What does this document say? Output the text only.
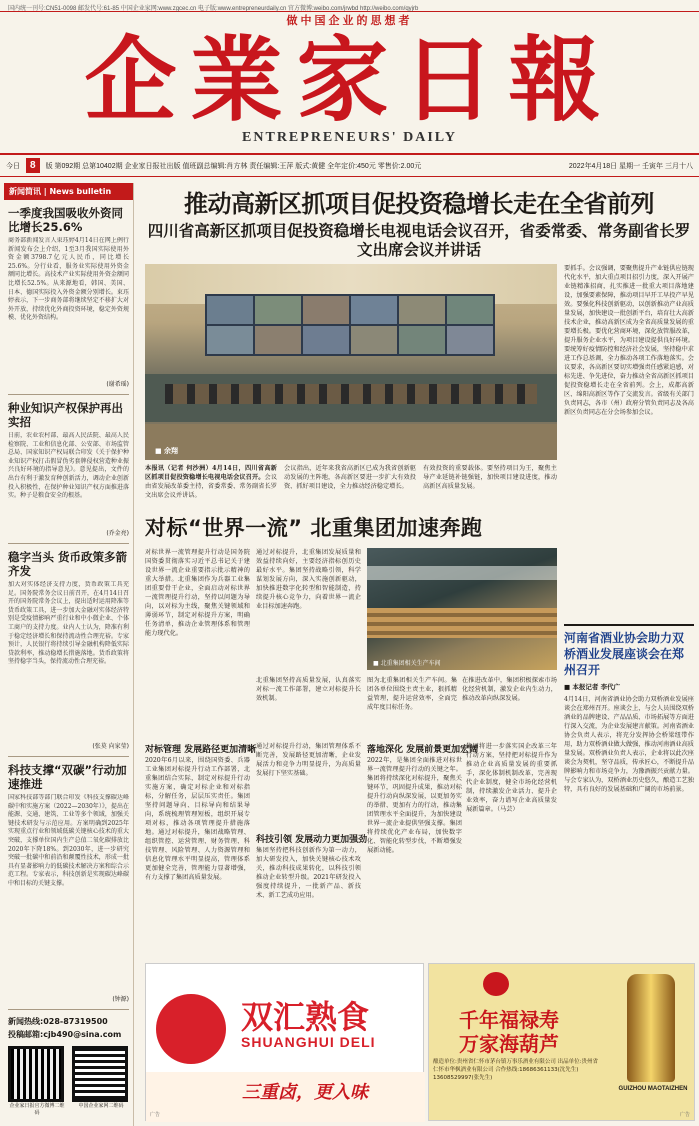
国内统一刊号:CN51-0098 邮发代号:61-85 中国企业家网:www.zgcec.cn 电子版:www.entrepreneurdaily.cn 官方微博:weibo.com/jrwbd http://weibo.com/qyjrb
做中国企业的思想者
企業家日報
ENTREPRENEURS' DAILY
今日	8	版 第092期 总第10402期 企业家日报社出版 值班副总编辑:肖方林 责任编辑:王萍 版式:黄健 全年定价:450元 零售价:2.00元	2022年4月18日 星期一 壬寅年 三月十八
新闻简讯 | News bulletin
一季度我国吸收外资同比增长25.6%
商务部新闻发言人束珏婷4月14日在网上例行新闻发布会上介绍，1至3月我国实际使用外资金额3798.7亿元人民币，同比增长25.6%。分行业看，服务业实际使用外资金额同比增长。高技术产业实际使用外资金额同比增长52.5%。从来源地看，韩国、美国、日本、德国实际投入外资金额分别增长。束珏婷表示，下一步商务部将继续坚定不移扩大对外开放，持续优化外商投资环境，稳定外资规模、优化外资结构。
(谢希瑶)
种业知识产权保护再出实招
日前，农业农村部、最高人民法院、最高人民检察院、工业和信息化部、公安部、市场监管总局、国家知识产权局联合印发《关于保护种业知识产权打击假冒伪劣套牌侵权营造种业振兴良好环境的指导意见》。意见提出，文件的出台有利于激发育种创新活力，调动企业创新投入积极性，在保护种业知识产权方面推进落实。种子是粮食安全的根基。
(乔金亮)
稳字当头 货币政策多箭齐发
加大对实体经济支持力度，货币政策工具充足。国务院常务会议日前召开，在4月14日召开的国务院常务会议上，提出适时运用降准等货币政策工具，进一步加大金融对实体经济特别是受疫情影响严重行业和中小微企业、个体工商户的支持力度。业内人士认为，降准有利于稳定经济增长和保持流动性合理充裕。专家预计，人民银行将持续引导金融机构降低实际贷款利率，推动稳增长措施落地。货币政策将坚持稳字当头，保持流动性合理充裕。
(张莫 向家莹)
科技支撑“双碳”行动加速推进
国家科技部等部门联合印发《科技支撑碳达峰碳中和实施方案（2022—2030年）》，提出在能源、交通、建筑、工业等多个领域，加强关键技术研发与示范应用。方案明确到2025年实现重点行业和领域低碳关键核心技术的重大突破，支撑单位国内生产总值二氧化碳排放比2020年下降18%。到2030年，进一步研究突破一批碳中和前沿和颠覆性技术，形成一批具有显著影响力的低碳技术解决方案和综合示范工程。专家表示，科技创新是实现碳达峰碳中和目标的关键支撑。
(钟源)
新闻热线:028-87319500
投稿邮箱:cjb490@sina.com
企业家日报官方微博二维码
中国企业家网二维码
推动高新区抓项目促投资稳增长走在全省前列
四川省高新区抓项目促投资稳增长电视电话会议召开，省委常委、常务副省长罗文出席会议并讲话
■ 余翔
本报讯（记者 何沙洲）4月14日，四川省高新区抓项目促投资稳增长电视电话会议召开。会议由省发展改革委主持，省委常委、常务副省长罗文出席会议并讲话。
会议指出，近年来我省高新区已成为我省创新驱动发展的主阵地，各高新区要进一步扩大有效投资、抓好项目建设，全力推动经济稳定增长。
有效投资的重要载体。要坚持项目为王，聚焦主导产业延链补链强链，加快项目建设进度，推动高新区高质量发展。
要抓手。会议强调，要聚焦提升产业链供应链现代化水平，加大重点项目招引力度，深入开展产业链精准招商，扎实推进一批重大项目落地建设，加强要素保障，推动项目早开工早投产早见效。要强化科技创新驱动，以创新推动产业高质量发展，加快建设一批创新平台，培育壮大高新技术企业，推动高新区成为全省高质量发展的重要增长极。要优化营商环境，深化放管服改革，提升服务企业水平，为项目建设提供良好环境。要统筹好疫情防控和经济社会发展，坚持稳中求进工作总基调，全力推动各项工作落地落实。会议要求，各高新区要切实增强责任感紧迫感，对标先进、争先进位，奋力推动全省高新区抓项目促投资稳增长走在全省前列。会上，成都高新区、绵阳高新区等作了交流发言。省级有关部门负责同志，各市（州）政府分管负责同志及各高新区负责同志在分会场参加会议。
对标“世界一流” 北重集团加速奔跑
对标世界一流管理提升行动是国务院国资委贯彻落实习近平总书记关于建设世界一流企业重要指示批示精神的重大举措。北重集团作为兵器工业集团重要骨干企业，全面启动对标世界一流管理提升行动，坚持以问题为导向，以对标为主线，聚焦关键领域和薄弱环节，制定对标提升方案，明确任务清单，推动企业管理体系和管理能力现代化。
通过对标提升，北重集团发展质量和效益持续向好，主要经济指标创历史最好水平。集团坚持战略引领，科学谋划发展方向，深入实施创新驱动，加快推进数字化转型和智能制造，持续提升核心竞争力，向着世界一流企业目标加速奔跑。
■ 北重集团相关生产车间
北重集团坚持高质量发展，认真落实对标一流工作部署，建立对标提升长效机制。
图为北重集团相关生产车间。集团各单位围绕主责主业，狠抓精益管理，提升运营效率，全面完成年度目标任务。
在推进改革中，集团积极探索市场化经营机制，激发企业内生动力，推动改革向纵深发展。
对标管理 发展路径更加清晰
2020年6月以来，围绕国资委、兵器工业集团对标提升行动工作部署，北重集团结合实际，制定对标提升行动实施方案，确定对标企业和对标指标，分解任务，层层压实责任。集团坚持问题导向、目标导向和结果导向，系统梳理管理短板，组织开展专项对标，推动各项管理提升措施落地。通过对标提升，集团战略管理、组织管控、运营管理、财务管理、科技管理、风险管理、人力资源管理和信息化管理水平明显提高，管理体系更加健全完善，管理能力显著增强，有力支撑了集团高质量发展。
科技引领 发展动力更加强劲
通过对标提升行动，集团管理体系不断完善，发展路径更加清晰，企业发展活力和竞争力明显提升，为高质量发展打下坚实基础。
集团坚持把科技创新作为第一动力，加大研发投入，加快关键核心技术攻关，推动科技成果转化，以科技引领推动企业转型升级。2021年研发投入强度持续提升，一批新产品、新技术、新工艺成功应用。
落地深化 发展前景更加宏阔
2022年，是集团全面推进对标世界一流管理提升行动的关键之年。集团将持续深化对标提升，聚焦关键环节，巩固提升成果，推动对标提升行动向纵深发展，以更加务实的举措、更加有力的行动，推动集团管理水平全面提升，为加快建设世界一流企业提供坚强支撑。集团将持续优化产业布局，加快数字化、智能化转型步伐，不断增强发展新动能。
集团将进一步落实国企改革三年行动方案，坚持把对标提升作为推动企业高质量发展的重要抓手，深化体制机制改革，完善现代企业制度，健全市场化经营机制，持续激发企业活力、提升企业效率，奋力谱写企业高质量发展新篇章。（马芸）
河南省酒业协会助力双桥酒业发展座谈会在郑州召开
■ 本报记者 李代广
4月14日，河南省酒业协会助力双桥酒业发展座谈会在郑州召开。座谈会上，与会人员围绕双桥酒业的品牌建设、产品品质、市场拓展等方面进行深入交流，为企业发展建言献策。河南省酒业协会负责人表示，将充分发挥协会桥梁纽带作用，助力双桥酒业做大做强，推动河南酒业高质量发展。双桥酒业负责人表示，企业将以此次座谈会为契机，坚守品质，传承匠心，不断提升品牌影响力和市场竞争力，为豫酒振兴贡献力量。与会专家认为，双桥酒业历史悠久，酿造工艺独特，具有良好的发展基础和广阔的市场前景。
双汇熟食
SHUANGHUI DELI
三重卤，更入味
广告
千年福禄寿
万家海葫芦
酿造单位:贵州省仁怀市茅台镇万事乐酒业有限公司 出品单位:贵州省仁怀市华枫酒业有限公司 合作热线:18686361133(沈先生) 13608529997(张先生)
GUIZHOU MAOTAIZHEN
广告
